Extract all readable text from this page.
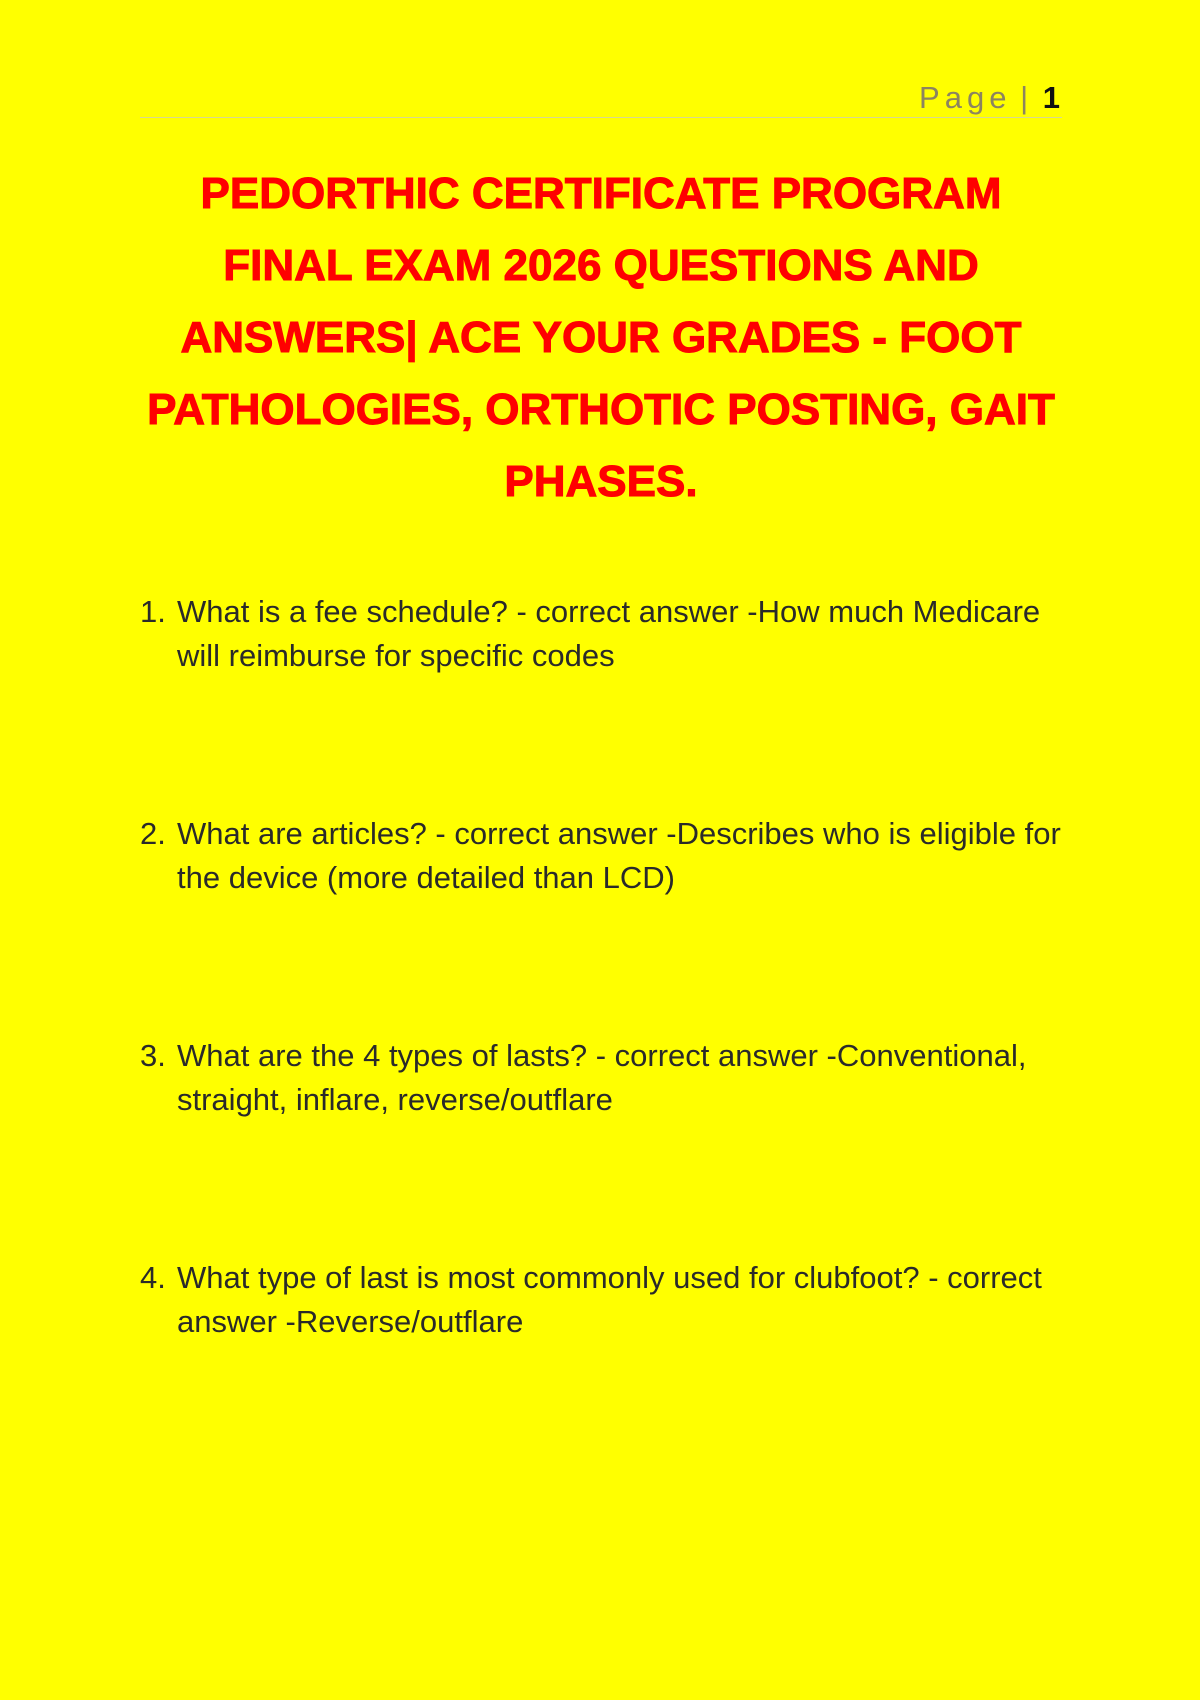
Page | 1
PEDORTHIC CERTIFICATE PROGRAM FINAL EXAM 2026 QUESTIONS AND ANSWERS| ACE YOUR GRADES - FOOT PATHOLOGIES, ORTHOTIC POSTING, GAIT PHASES.
1. What is a fee schedule? - correct answer -How much Medicare will reimburse for specific codes
2. What are articles? - correct answer -Describes who is eligible for the device (more detailed than LCD)
3. What are the 4 types of lasts? - correct answer -Conventional, straight, inflare, reverse/outflare
4. What type of last is most commonly used for clubfoot? - correct answer -Reverse/outflare
